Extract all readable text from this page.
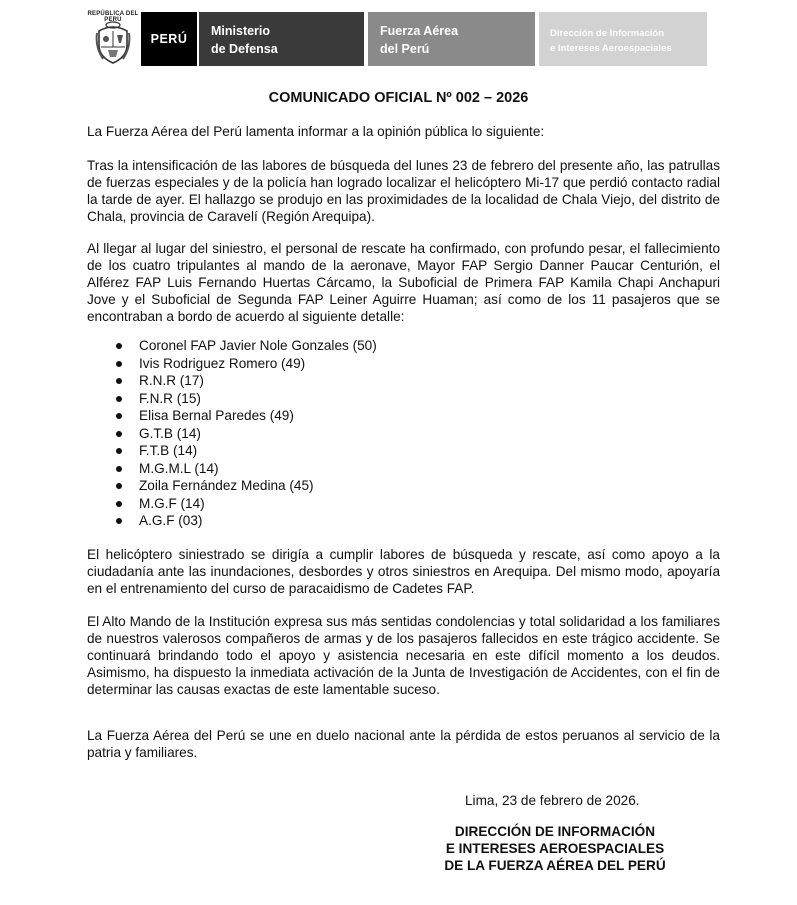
REPÚBLICA DEL PERÚ
PERÚ
Ministerio
de Defensa
Fuerza Aérea
del Perú
Dirección de Información
e Intereses Aeroespaciales
COMUNICADO OFICIAL Nº 002 – 2026

La Fuerza Aérea del Perú lamenta informar a la opinión pública lo siguiente:

Tras la intensificación de las labores de búsqueda del lunes 23 de febrero del presente año, las patrullas de fuerzas especiales y de la policía han logrado localizar el helicóptero Mi-17 que perdió contacto radial la tarde de ayer. El hallazgo se produjo en las proximidades de la localidad de Chala Viejo, del distrito de Chala, provincia de Caravelí (Región Arequipa).

Al llegar al lugar del siniestro, el personal de rescate ha confirmado, con profundo pesar, el fallecimiento de los cuatro tripulantes al mando de la aeronave, Mayor FAP Sergio Danner Paucar Centurión, el Alférez FAP Luis Fernando Huertas Cárcamo, la Suboficial de Primera FAP Kamila Chapi Anchapuri Jove y el Suboficial de Segunda FAP Leiner Aguirre Huaman; así como de los 11 pasajeros que se encontraban a bordo de acuerdo al siguiente detalle:

Coronel FAP Javier Nole Gonzales (50)
Ivis Rodriguez Romero (49)
R.N.R (17)
F.N.R (15)
Elisa Bernal Paredes (49)
G.T.B (14)
F.T.B (14)
M.G.M.L (14)
Zoila Fernández Medina (45)
M.G.F (14)
A.G.F (03)

El helicóptero siniestrado se dirigía a cumplir labores de búsqueda y rescate, así como apoyo a la ciudadanía ante las inundaciones, desbordes y otros siniestros en Arequipa. Del mismo modo, apoyaría en el entrenamiento del curso de paracaidismo de Cadetes FAP.

El Alto Mando de la Institución expresa sus más sentidas condolencias y total solidaridad a los familiares de nuestros valerosos compañeros de armas y de los pasajeros fallecidos en este trágico accidente. Se continuará brindando todo el apoyo y asistencia necesaria en este difícil momento a los deudos. Asimismo, ha dispuesto la inmediata activación de la Junta de Investigación de Accidentes, con el fin de determinar las causas exactas de este lamentable suceso.

La Fuerza Aérea del Perú se une en duelo nacional ante la pérdida de estos peruanos al servicio de la patria y familiares.

Lima, 23 de febrero de 2026.
DIRECCIÓN DE INFORMACIÓN
E INTERESES AEROESPACIALES
DE LA FUERZA AÉREA DEL PERÚ
